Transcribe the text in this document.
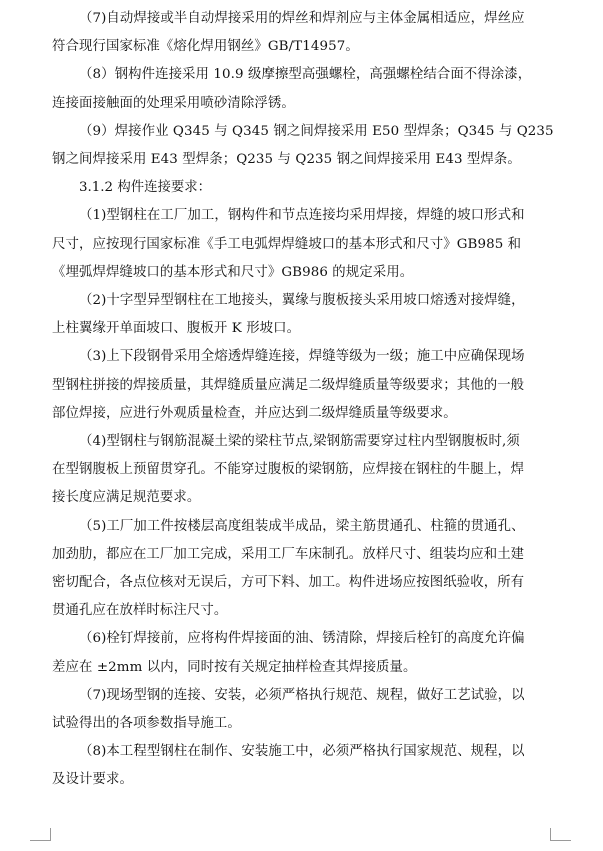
（7)自动焊接或半自动焊接采用的焊丝和焊剂应与主体金属相适应，焊丝应
符合现行国家标准《熔化焊用钢丝》GB/T14957。

（8）钢构件连接采用 10.9 级摩擦型高强螺栓，高强螺栓结合面不得涂漆，
连接面接触面的处理采用喷砂清除浮锈。

（9）焊接作业 Q345 与 Q345 钢之间焊接采用 E50 型焊条；Q345 与 Q235
钢之间焊接采用 E43 型焊条；Q235 与 Q235 钢之间焊接采用 E43 型焊条。

3.1.2 构件连接要求：

（1)型钢柱在工厂加工，钢构件和节点连接均采用焊接，焊缝的坡口形式和
尺寸，应按现行国家标准《手工电弧焊焊缝坡口的基本形式和尺寸》GB985 和
《埋弧焊焊缝坡口的基本形式和尺寸》GB986 的规定采用。

（2)十字型异型钢柱在工地接头，翼缘与腹板接头采用坡口熔透对接焊缝，
上柱翼缘开单面坡口、腹板开 K 形坡口。

（3)上下段钢骨采用全熔透焊缝连接，焊缝等级为一级；施工中应确保现场
型钢柱拼接的焊接质量，其焊缝质量应满足二级焊缝质量等级要求；其他的一般
部位焊接，应进行外观质量检查，并应达到二级焊缝质量等级要求。

（4)型钢柱与钢筋混凝土梁的梁柱节点,梁钢筋需要穿过柱内型钢腹板时,须
在型钢腹板上预留贯穿孔。不能穿过腹板的梁钢筋，应焊接在钢柱的牛腿上，焊
接长度应满足规范要求。

（5)工厂加工件按楼层高度组装成半成品，梁主筋贯通孔、柱箍的贯通孔、
加劲肋，都应在工厂加工完成，采用工厂车床制孔。放样尺寸、组装均应和土建
密切配合，各点位核对无误后，方可下料、加工。构件进场应按图纸验收，所有
贯通孔应在放样时标注尺寸。

（6)栓钉焊接前，应将构件焊接面的油、锈清除，焊接后栓钉的高度允许偏
差应在 ±2mm 以内，同时按有关规定抽样检查其焊接质量。

（7)现场型钢的连接、安装，必须严格执行规范、规程，做好工艺试验，以
试验得出的各项参数指导施工。

（8)本工程型钢柱在制作、安装施工中，必须严格执行国家规范、规程，以
及设计要求。
